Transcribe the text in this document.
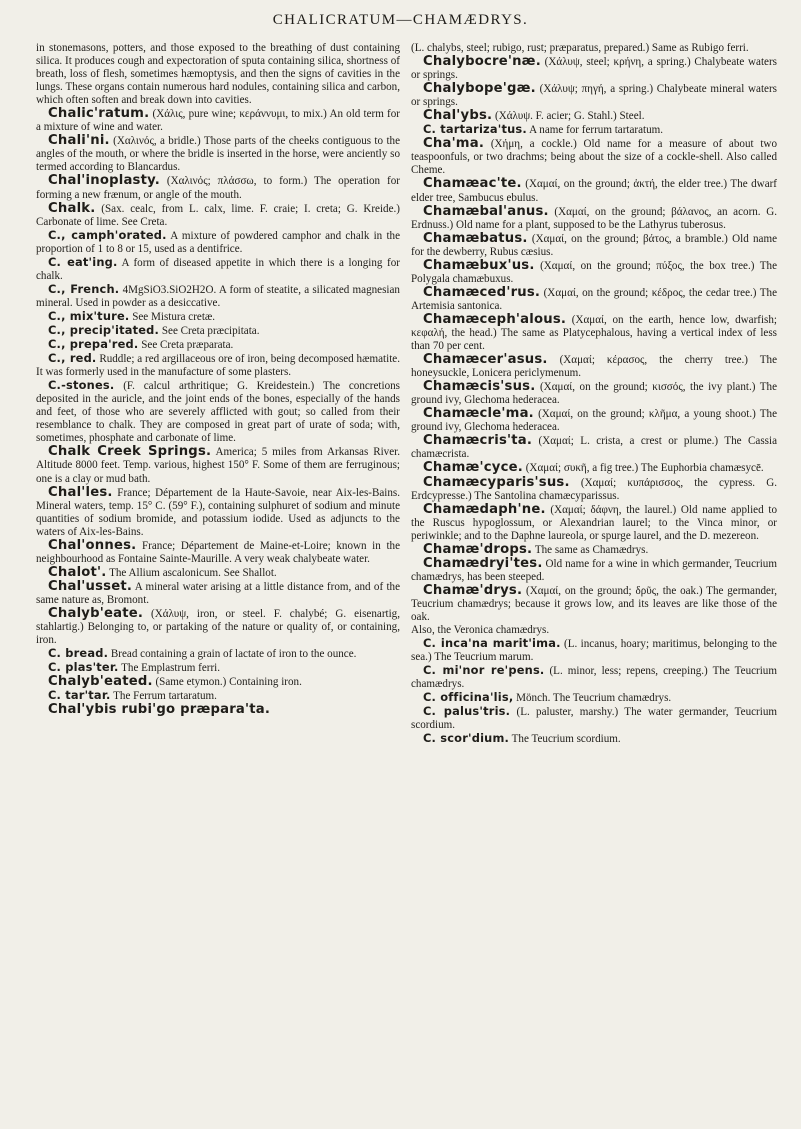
CHALICRATUM—CHAMÆDRYS.

in stonemasons, potters, and those exposed to the breathing of dust containing silica. It produces cough and expectoration of sputa containing silica, shortness of breath, loss of flesh, sometimes hæmoptysis, and then the signs of cavities in the lungs. These organs contain numerous hard nodules, containing silica and carbon, which often soften and break down into cavities.

Chalic'ratum. (Χάλις, pure wine; κεράννυμι, to mix.) An old term for a mixture of wine and water.

Chali'ni. (Χαλινός, a bridle.) Those parts of the cheeks contiguous to the angles of the mouth, or where the bridle is inserted in the horse, were anciently so termed according to Blancardus.

Chal'inoplasty. (Χαλινός; πλάσσω, to form.) The operation for forming a new frænum, or angle of the mouth.

Chalk. (Sax. cealc, from L. calx, lime. F. craie; I. creta; G. Kreide.) Carbonate of lime. See Creta.

C., camph'orated. A mixture of powdered camphor and chalk in the proportion of 1 to 8 or 15, used as a dentifrice.

C. eat'ing. A form of diseased appetite in which there is a longing for chalk.

C., French. 4MgSiO3.SiO2H2O. A form of steatite, a silicated magnesian mineral. Used in powder as a desiccative.

C., mix'ture. See Mistura cretæ.

C., precip'itated. See Creta præcipitata.

C., prepa'red. See Creta præparata.

C., red. Ruddle; a red argillaceous ore of iron, being decomposed hæmatite. It was formerly used in the manufacture of some plasters.

C.-stones. (F. calcul arthritique; G. Kreidestein.) The concretions deposited in the auricle, and the joint ends of the bones, especially of the hands and feet, of those who are severely afflicted with gout; so called from their resemblance to chalk. They are composed in great part of urate of soda; with, sometimes, phosphate and carbonate of lime.

Chalk Creek Springs. America; 5 miles from Arkansas River. Altitude 8000 feet. Temp. various, highest 150° F. Some of them are ferruginous; one is a clay or mud bath.

Chal'les. France; Département de la Haute-Savoie, near Aix-les-Bains. Mineral waters, temp. 15° C. (59° F.), containing sulphuret of sodium and minute quantities of sodium bromide, and potassium iodide. Used as adjuncts to the waters of Aix-les-Bains.

Chal'onnes. France; Département de Maine-et-Loire; known in the neighbourhood as Fontaine Sainte-Maurille. A very weak chalybeate water.

Chalot'. The Allium ascalonicum. See Shallot.

Chal'usset. A mineral water arising at a little distance from, and of the same nature as, Bromont.

Chalyb'eate. (Χάλυψ, iron, or steel. F. chalybé; G. eisenartig, stahlartig.) Belonging to, or partaking of the nature or quality of, or containing, iron.

C. bread. Bread containing a grain of lactate of iron to the ounce.

C. plas'ter. The Emplastrum ferri.

Chalyb'eated. (Same etymon.) Containing iron.

C. tar'tar. The Ferrum tartaratum.

Chal'ybis rubi'go præpara'ta.

(L. chalybs, steel; rubigo, rust; præparatus, prepared.) Same as Rubigo ferri.

Chalybocre'næ. (Χάλυψ, steel; κρήνη, a spring.) Chalybeate waters or springs.

Chalybope'gæ. (Χάλυψ; πηγή, a spring.) Chalybeate mineral waters or springs.

Chal'ybs. (Χάλυψ. F. acier; G. Stahl.) Steel.

C. tartariza'tus. A name for ferrum tartaratum.

Cha'ma. (Χήμη, a cockle.) Old name for a measure of about two teaspoonfuls, or two drachms; being about the size of a cockle-shell. Also called Cheme.

Chamæac'te. (Χαμαί, on the ground; ἀκτή, the elder tree.) The dwarf elder tree, Sambucus ebulus.

Chamæbal'anus. (Χαμαί, on the ground; βάλανος, an acorn. G. Erdnuss.) Old name for a plant, supposed to be the Lathyrus tuberosus.

Chamæbatus. (Χαμαί, on the ground; βάτος, a bramble.) Old name for the dewberry, Rubus cæsius.

Chamæbux'us. (Χαμαί, on the ground; πύξος, the box tree.) The Polygala chamæbuxus.

Chamæced'rus. (Χαμαί, on the ground; κέδρος, the cedar tree.) The Artemisia santonica.

Chamæceph'alous. (Χαμαί, on the earth, hence low, dwarfish; κεφαλή, the head.) The same as Platycephalous, having a vertical index of less than 70 per cent.

Chamæcer'asus. (Χαμαί; κέρασος, the cherry tree.) The honeysuckle, Lonicera periclymenum.

Chamæcis'sus. (Χαμαί, on the ground; κισσός, the ivy plant.) The ground ivy, Glechoma hederacea.

Chamæcle'ma. (Χαμαί, on the ground; κλῆμα, a young shoot.) The ground ivy, Glechoma hederacea.

Chamæcris'ta. (Χαμαί; L. crista, a crest or plume.) The Cassia chamæcrista.

Chamæ'cyce. (Χαμαί; συκῆ, a fig tree.) The Euphorbia chamæsycē.

Chamæcyparis'sus. (Χαμαί; κυπάρισσος, the cypress. G. Erdcypresse.) The Santolina chamæcyparissus.

Chamædaph'ne. (Χαμαί; δάφνη, the laurel.) Old name applied to the Ruscus hypoglossum, or Alexandrian laurel; to the Vinca minor, or periwinkle; and to the Daphne laureola, or spurge laurel, and the D. mezereon.

Chamæ'drops. The same as Chamædrys.

Chamædryi'tes. Old name for a wine in which germander, Teucrium chamædrys, has been steeped.

Chamæ'drys. (Χαμαί, on the ground; δρῦς, the oak.) The germander, Teucrium chamædrys; because it grows low, and its leaves are like those of the oak.

Also, the Veronica chamædrys.

C. inca'na marit'ima. (L. incanus, hoary; maritimus, belonging to the sea.) The Teucrium marum.

C. mi'nor re'pens. (L. minor, less; repens, creeping.) The Teucrium chamædrys.

C. officina'lis, Mönch. The Teucrium chamædrys.

C. palus'tris. (L. paluster, marshy.) The water germander, Teucrium scordium.

C. scor'dium. The Teucrium scordium.
